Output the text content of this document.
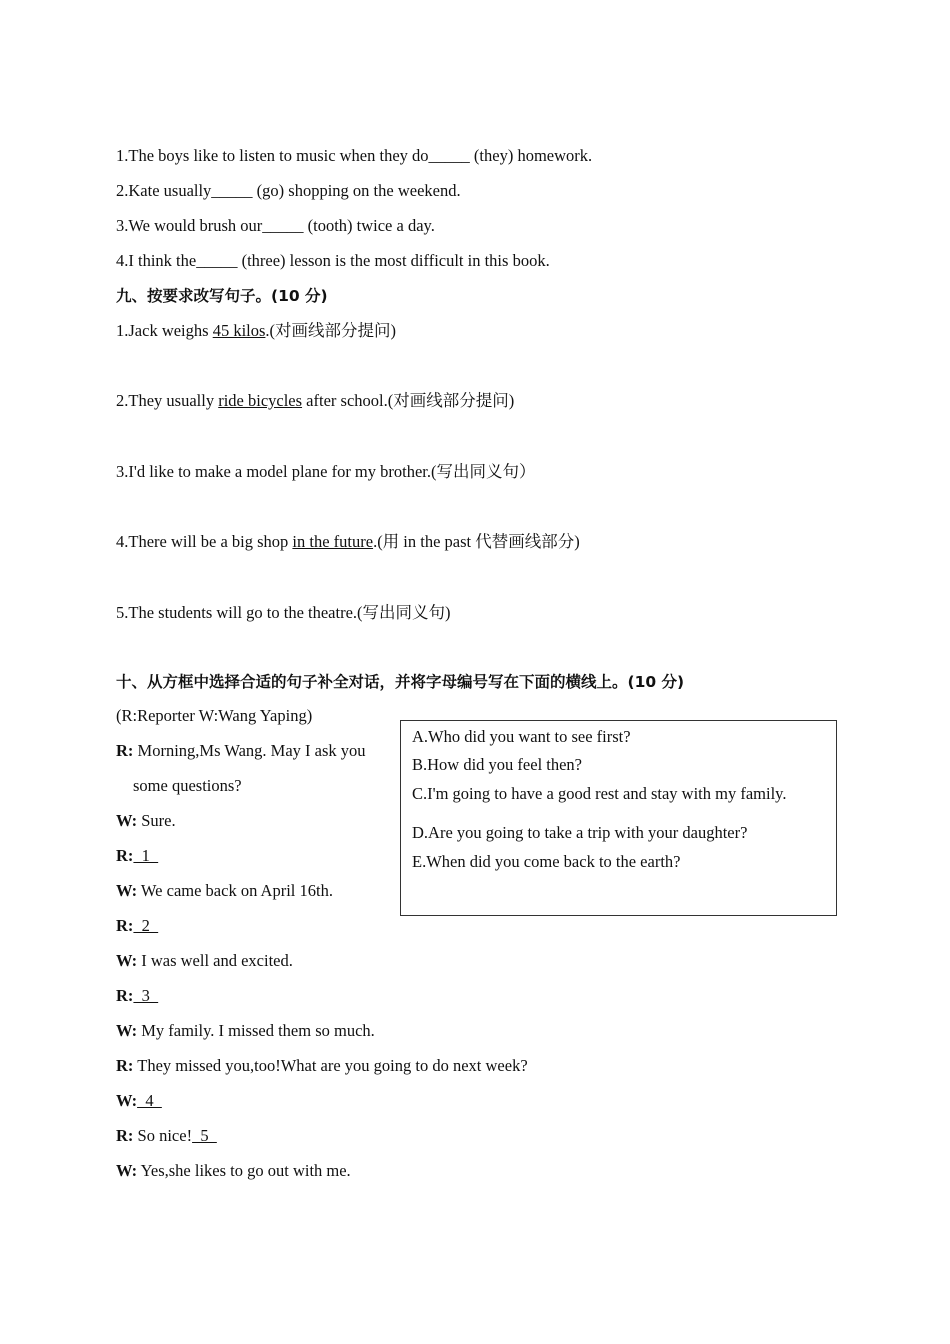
1.The boys like to listen to music when they do_____ (they) homework.
2.Kate usually_____ (go) shopping on the weekend.
3.We would brush our_____ (tooth) twice a day.
4.I think the_____ (three) lesson is the most difficult in this book.
九、按要求改写句子。(10 分)
1.Jack weighs 45 kilos.(对画线部分提问)
2.They usually ride bicycles after school.(对画线部分提问)
3.I'd like to make a model plane for my brother.(写出同义句）
4.There will be a big shop in the future.(用 in the past 代替画线部分)
5.The students will go to the theatre.(写出同义句)
十、从方框中选择合适的句子补全对话，并将字母编号写在下面的横线上。(10 分)
(R:Reporter W:Wang Yaping)
A.Who did you want to see first?
B.How did you feel then?
C.I'm going to have a good rest and stay with my family.
D.Are you going to take a trip with your daughter?
E.When did you come back to the earth?
R: Morning,Ms Wang. May I ask you
some questions?
W: Sure.
R:  1
W: We came back on April 16th.
R:  2
W: I was well and excited.
R:  3
W: My family. I missed them so much.
R: They missed you,too!What are you going to do next week?
W:  4
R: So nice!  5
W: Yes,she likes to go out with me.
